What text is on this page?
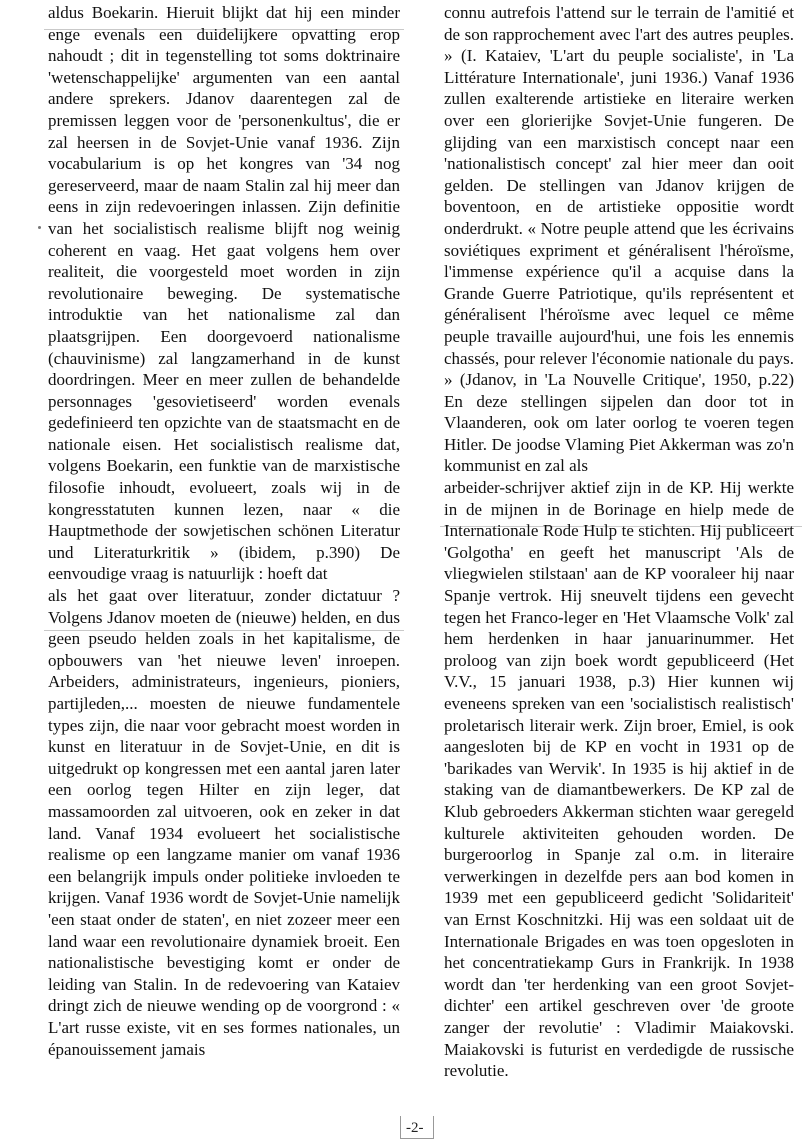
aldus Boekarin. Hieruit blijkt dat hij een minder enge evenals een duidelijkere opvatting erop nahoudt ; dit in tegenstelling tot soms doktrinaire 'wetenschappelijke' argumenten van een aantal andere sprekers. Jdanov daarentegen zal de premissen leggen voor de 'personenkultus', die er zal heersen in de Sovjet-Unie vanaf 1936. Zijn vocabularium is op het kongres van '34 nog gereserveerd, maar de naam Stalin zal hij meer dan eens in zijn redevoeringen inlassen. Zijn definitie van het socialistisch realisme blijft nog weinig coherent en vaag. Het gaat volgens hem over realiteit, die voorgesteld moet worden in zijn revolutionaire beweging. De systematische introduktie van het nationalisme zal dan plaatsgrijpen. Een doorgevoerd nationalisme (chauvinisme) zal langzamerhand in de kunst doordringen. Meer en meer zullen de behandelde personnages 'gesovietiseerd' worden evenals gedefinieerd ten opzichte van de staatsmacht en de nationale eisen. Het socialistisch realisme dat, volgens Boekarin, een funktie van de marxistische filosofie inhoudt, evolueert, zoals wij in de kongresstatuten kunnen lezen, naar « die Hauptmethode der sowjetischen schönen Literatur und Literaturkritik » (ibidem, p.390) De eenvoudige vraag is natuurlijk : hoeft dat
als het gaat over literatuur, zonder dictatuur ? Volgens Jdanov moeten de (nieuwe) helden, en dus geen pseudo helden zoals in het kapitalisme, de opbouwers van 'het nieuwe leven' inroepen. Arbeiders, administrateurs, ingenieurs, pioniers, partijleden,... moesten de nieuwe fundamentele types zijn, die naar voor gebracht moest worden in kunst en literatuur in de Sovjet-Unie, en dit is uitgedrukt op kongressen met een aantal jaren later een oorlog tegen Hilter en zijn leger, dat massamoorden zal uitvoeren, ook en zeker in dat land. Vanaf 1934 evolueert het socialistische realisme op een langzame manier om vanaf 1936 een belangrijk impuls onder politieke invloeden te krijgen. Vanaf 1936 wordt de Sovjet-Unie namelijk 'een staat onder de staten', en niet zozeer meer een land waar een revolutionaire dynamiek broeit. Een nationalistische bevestiging komt er onder de leiding van Stalin. In de redevoering van Kataiev dringt zich de nieuwe wending op de voorgrond : « L'art russe existe, vit en ses formes nationales, un épanouissement jamais
connu autrefois l'attend sur le terrain de l'amitié et de son rapprochement avec l'art des autres peuples. » (I. Kataiev, 'L'art du peuple socialiste', in 'La Littérature Internationale', juni 1936.) Vanaf 1936 zullen exalterende artistieke en literaire werken over een glorierijke Sovjet-Unie fungeren. De glijding van een marxistisch concept naar een 'nationalistisch concept' zal hier meer dan ooit gelden. De stellingen van Jdanov krijgen de boventoon, en de artistieke oppositie wordt onderdrukt. « Notre peuple attend que les écrivains soviétiques expriment et généralisent l'héroïsme, l'immense expérience qu'il a acquise dans la Grande Guerre Patriotique, qu'ils représentent et généralisent l'héroïsme avec lequel ce même peuple travaille aujourd'hui, une fois les ennemis chassés, pour relever l'économie nationale du pays. » (Jdanov, in 'La Nouvelle Critique', 1950, p.22) En deze stellingen sijpelen dan door tot in Vlaanderen, ook om later oorlog te voeren tegen Hitler. De joodse Vlaming Piet Akkerman was zo'n kommunist en zal als
arbeider-schrijver aktief zijn in de KP. Hij werkte in de mijnen in de Borinage en hielp mede de Internationale Rode Hulp te stichten. Hij publiceert 'Golgotha' en geeft het manuscript 'Als de vliegwielen stilstaan' aan de KP vooraleer hij naar Spanje vertrok. Hij sneuvelt tijdens een gevecht tegen het Franco-leger en 'Het Vlaamsche Volk' zal hem herdenken in haar januarinummer. Het proloog van zijn boek wordt gepubliceerd (Het V.V., 15 januari 1938, p.3) Hier kunnen wij eveneens spreken van een 'socialistisch realistisch' proletarisch literair werk. Zijn broer, Emiel, is ook aangesloten bij de KP en vocht in 1931 op de 'barikades van Wervik'. In 1935 is hij aktief in de staking van de diamantbewerkers. De KP zal de Klub gebroeders Akkerman stichten waar geregeld kulturele aktiviteiten gehouden worden. De burgeroorlog in Spanje zal o.m. in literaire verwerkingen in dezelfde pers aan bod komen in 1939 met een gepubliceerd gedicht 'Solidariteit' van Ernst Koschnitzki. Hij was een soldaat uit de Internationale Brigades en was toen opgesloten in het concentratiekamp Gurs in Frankrijk. In 1938 wordt dan 'ter herdenking van een groot Sovjet-dichter' een artikel geschreven over 'de groote zanger der revolutie' : Vladimir Maiakovski. Maiakovski is futurist en verdedigde de russische revolutie.
-2-
